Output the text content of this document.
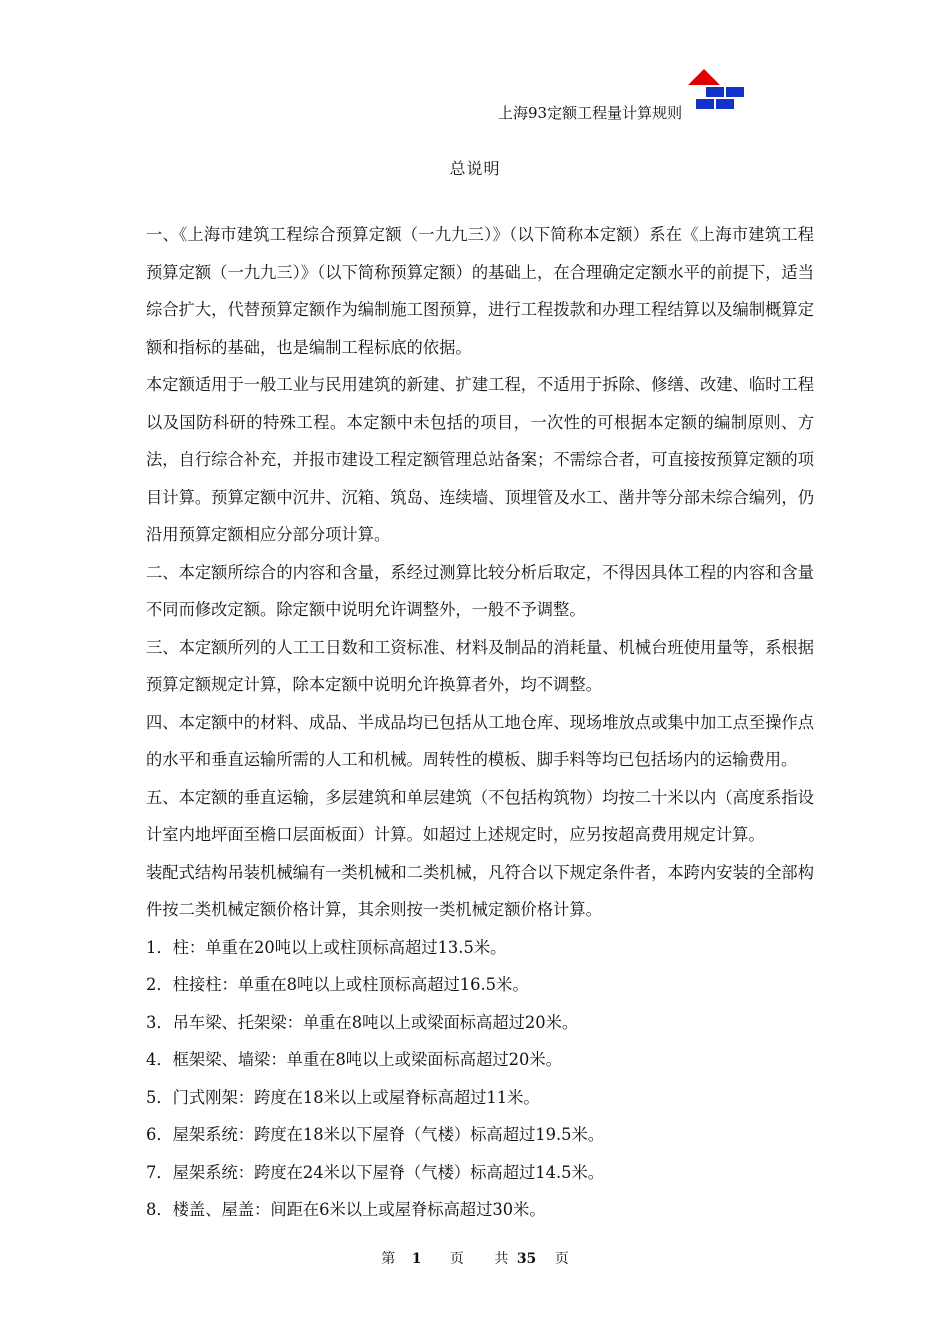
上海93定额工程量计算规则
总说明

一、《上海市建筑工程综合预算定额（一九九三）》（以下简称本定额）系在《上海市建筑工程预算定额（一九九三）》（以下简称预算定额）的基础上，在合理确定定额水平的前提下，适当综合扩大，代替预算定额作为编制施工图预算，进行工程拨款和办理工程结算以及编制概算定额和指标的基础，也是编制工程标底的依据。

本定额适用于一般工业与民用建筑的新建、扩建工程，不适用于拆除、修缮、改建、临时工程以及国防科研的特殊工程。本定额中未包括的项目，一次性的可根据本定额的编制原则、方法，自行综合补充，并报市建设工程定额管理总站备案；不需综合者，可直接按预算定额的项目计算。预算定额中沉井、沉箱、筑岛、连续墙、顶埋管及水工、凿井等分部未综合编列，仍沿用预算定额相应分部分项计算。

二、本定额所综合的内容和含量，系经过测算比较分析后取定，不得因具体工程的内容和含量不同而修改定额。除定额中说明允许调整外，一般不予调整。

三、本定额所列的人工工日数和工资标准、材料及制品的消耗量、机械台班使用量等，系根据预算定额规定计算，除本定额中说明允许换算者外，均不调整。

四、本定额中的材料、成品、半成品均已包括从工地仓库、现场堆放点或集中加工点至操作点的水平和垂直运输所需的人工和机械。周转性的模板、脚手料等均已包括场内的运输费用。

五、本定额的垂直运输，多层建筑和单层建筑（不包括构筑物）均按二十米以内（高度系指设计室内地坪面至檐口层面板面）计算。如超过上述规定时，应另按超高费用规定计算。

装配式结构吊装机械编有一类机械和二类机械，凡符合以下规定条件者，本跨内安装的全部构件按二类机械定额价格计算，其余则按一类机械定额价格计算。

1．柱：单重在20吨以上或柱顶标高超过13.5米。

2．柱接柱：单重在8吨以上或柱顶标高超过16.5米。

3．吊车梁、托架梁：单重在8吨以上或梁面标高超过20米。

4．框架梁、墙梁：单重在8吨以上或梁面标高超过20米。

5．门式刚架：跨度在18米以上或屋脊标高超过11米。

6．屋架系统：跨度在18米以下屋脊（气楼）标高超过19.5米。

7．屋架系统：跨度在24米以下屋脊（气楼）标高超过14.5米。

8．楼盖、屋盖：间距在6米以上或屋脊标高超过30米。

第 1 页 共 35 页
